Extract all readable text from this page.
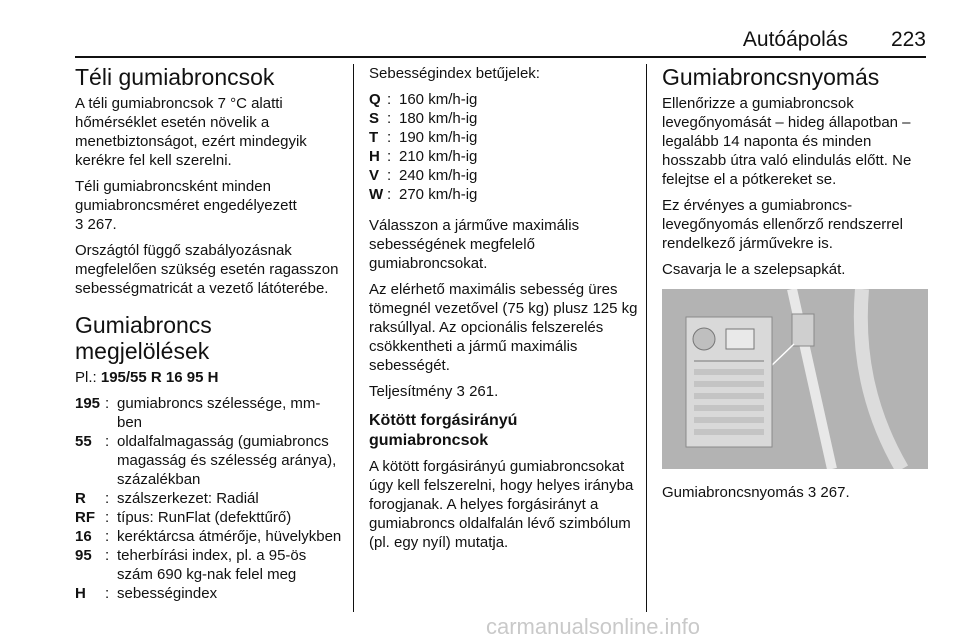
Autóápolás 223
Téli gumiabroncsok

A téli gumiabroncsok 7 °C alatti hőmérséklet esetén növelik a menetbiztonságot, ezért mindegyik kerékre fel kell szerelni.

Téli gumiabroncsként minden gumiabroncsméret engedélyezett
3 267.

Országtól függő szabályozásnak megfelelően szükség esetén ragasszon sebességmatricát a vezető látóterébe.

Gumiabroncs megjelölések

Pl.: 195/55 R 16 95 H

195 : gumiabroncs szélessége, mm-ben
55 : oldalfalmagasság (gumiabroncs magasság és szélesség aránya), százalékban
R	: szálszerkezet: Radiál
RF : típus: RunFlat (defekttűrő)
16 : keréktárcsa átmérője, hüvelykben
95 : teherbírási index, pl. a 95-ös szám 690 kg-nak felel meg
H	: sebességindex

Sebességindex betűjelek:

Q : 160 km/h-ig
S : 180 km/h-ig
T : 190 km/h-ig
H : 210 km/h-ig
V : 240 km/h-ig
W : 270 km/h-ig

Válasszon a járműve maximális sebességének megfelelő gumiabroncsokat.

Az elérhető maximális sebesség üres tömegnél vezetővel (75 kg) plusz 125 kg raksúllyal. Az opcionális felszerelés csökkentheti a jármű maximális sebességét.

Teljesítmény 3 261.

Kötött forgásirányú gumiabroncsok

A kötött forgásirányú gumiabroncsokat úgy kell felszerelni, hogy helyes irányba forogjanak. A helyes forgásirányt a gumiabroncs oldalfalán lévő szimbólum (pl. egy nyíl) mutatja.

Gumiabroncsnyomás

Ellenőrizze a gumiabroncsok levegőnyomását – hideg állapotban – legalább 14 naponta és minden hosszabb útra való elindulás előtt. Ne felejtse el a pótkereket se.

Ez érvényes a gumiabroncs-levegőnyomás ellenőrző rendszerrel rendelkező járművekre is.

Csavarja le a szelepsapkát.

Gumiabroncsnyomás 3 267.

carmanualsonline.info
